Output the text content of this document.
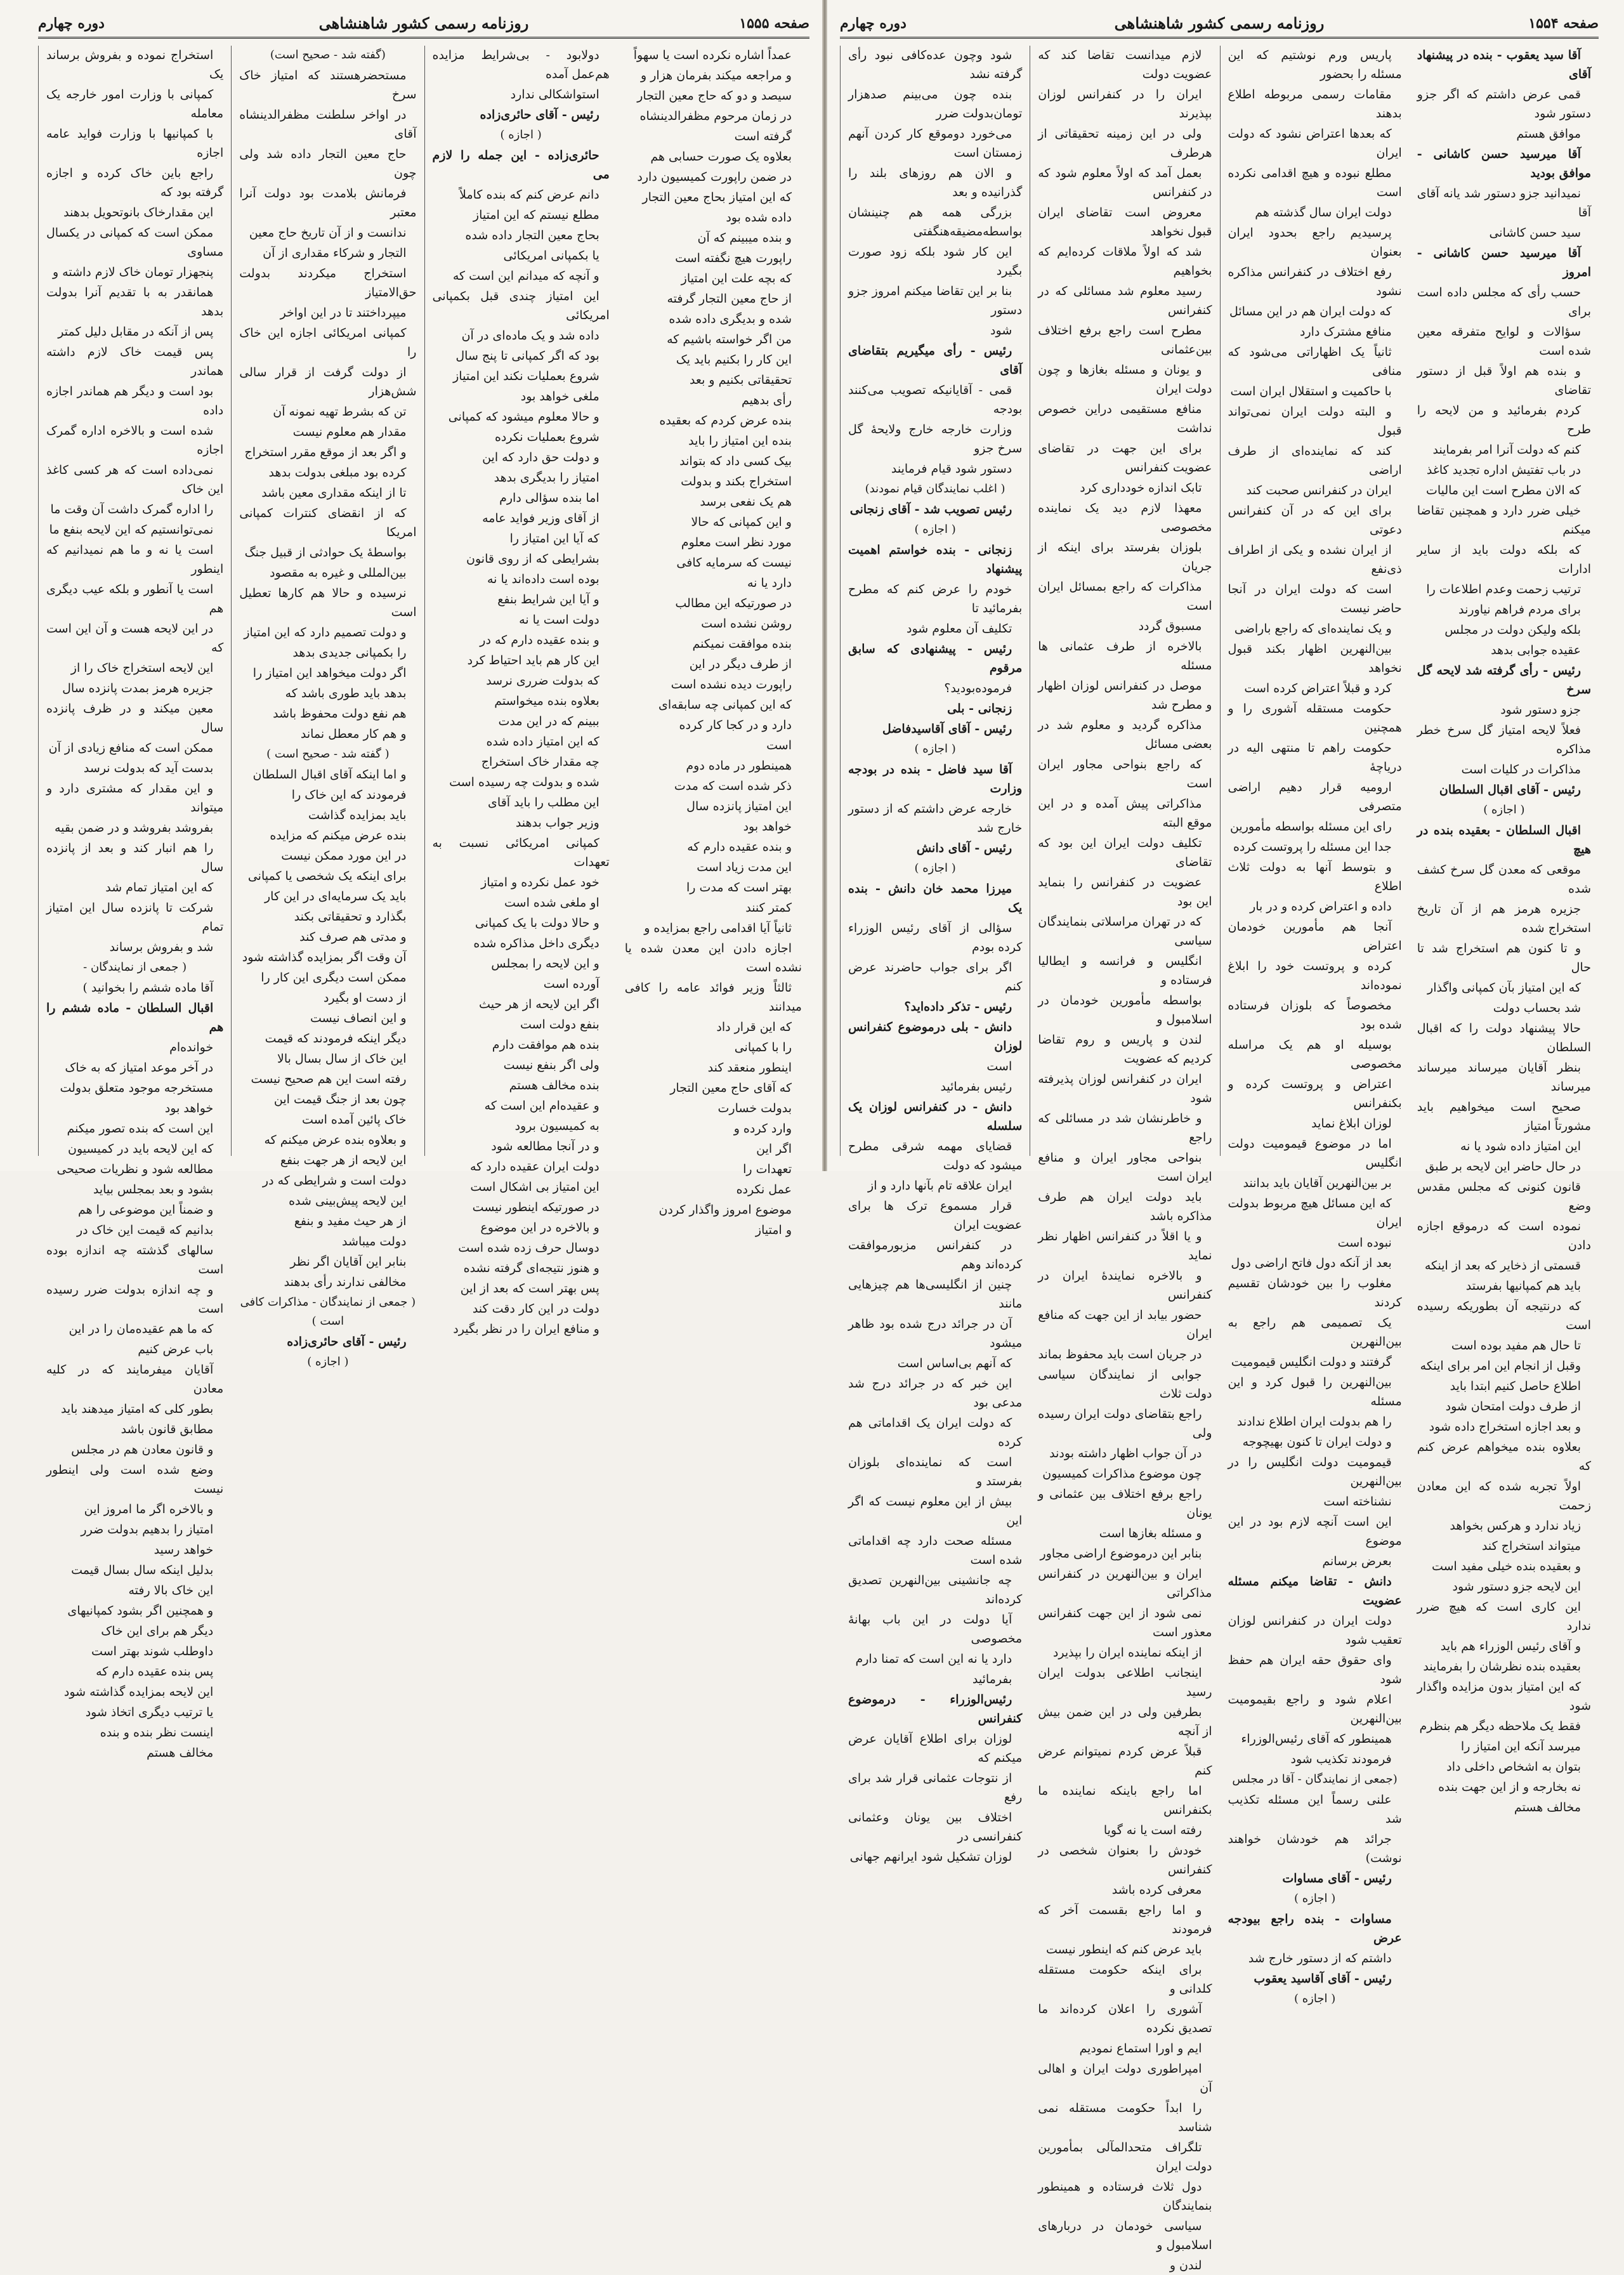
صفحه ۱۵۵۵
روزنامه رسمی کشور شاهنشاهی
دوره چهارم

استخراج نموده و بفروش برساند یک

کمپانی با وزارت امور خارجه یک معامله

با کمپانیها با وزارت فواید عامه اجازه

راجع باین خاک کرده و اجازه گرفته بود که

این مقدارخاک بانوتحویل بدهند

ممکن است که کمپانی در یکسال مساوی

پنجهزار تومان خاک لازم داشته و

همانقدر به با تقدیم آنرا بدولت بدهد

پس از آنکه در مقابل دلیل کمتر

پس قیمت خاک لازم داشته هماندر

بود است و دیگر هم هماندر اجازه داده

شده است و بالاخره اداره گمرک اجازه

نمی‌داده است که هر کسی کاغذ این خاک

را اداره گمرک داشت آن وقت ما

نمی‌توانستیم که این لایحه بنفع ما

است یا نه و ما هم نمیدانیم که اینطور

است یا آنطور و بلکه عیب دیگری هم

در این لایحه هست و آن این است که

این لایحه استخراج خاک را از

جزیره هرمز بمدت پانزده سال

معین میکند و در ظرف پانزده سال

ممکن است که منافع زیادی از آن

بدست آید که بدولت نرسد

و این مقدار که مشتری دارد و میتواند

بفروشد بفروشد و در ضمن بقیه

را هم انبار کند و بعد از پانزده سال

که این امتیاز تمام شد

شرکت تا پانزده سال این امتیاز تمام

شد و بفروش برساند

( جمعی از نمایندگان -

آقا ماده ششم را بخوانید )

اقبال السلطان - ماده ششم را هم

خوانده‌ام

در آخر موعد امتیاز که به خاک

مستخرجه موجود متعلق بدولت

خواهد بود

این است که بنده تصور میکنم

که این لایحه باید در کمیسیون

مطالعه شود و نظریات صحیحی

بشود و بعد بمجلس بیاید

و ضمناً این موضوعی را هم

بدانیم که قیمت این خاک در

سالهای گذشته چه اندازه بوده است

و چه اندازه بدولت ضرر رسیده است

که ما هم عقیده‌مان را در این

باب عرض کنیم

آقایان میفرمایند که در کلیه معادن

بطور کلی که امتیاز میدهند باید

مطابق قانون باشد

و قانون معادن هم در مجلس

وضع شده است ولی اینطور نیست

و بالاخره اگر ما امروز این

امتیاز را بدهیم بدولت ضرر

خواهد رسید

بدلیل اینکه سال بسال قیمت

این خاک بالا رفته

و همچنین اگر بشود کمپانیهای

دیگر هم برای این خاک

داوطلب شوند بهتر است

پس بنده عقیده دارم که

این لایحه بمزایده گذاشته شود

یا ترتیب دیگری اتخاذ شود

اینست نظر بنده و بنده

مخالف هستم

(گفته شد - صحیح است)

مستحضرهستند که امتیاز خاک سرخ

در اواخر سلطنت مظفرالدینشاه آقای

حاج معین التجار داده شد ولی چون

فرمانش بلامدت بود دولت آنرا معتبر

ندانست و از آن تاریخ حاج معین

التجار و شرکاء مقداری از آن

استخراج میکردند بدولت حق‌الامتیاز

میپرداختند تا در این اواخر

کمپانی امریکائی اجازه این خاک را

از دولت گرفت از قرار سالی شش‌هزار

تن که بشرط تهیه نمونه آن

مقدار هم معلوم نیست

و اگر بعد از موقع مقرر استخراج

کرده بود مبلغی بدولت بدهد

تا از اینکه مقداری معین باشد

که از انقضای کنترات کمپانی امریکا

بواسطهٔ یک حوادثی از قبیل جنگ

بین‌المللی و غیره به مقصود

نرسیده و حالا هم کارها تعطیل است

و دولت تصمیم دارد که این امتیاز

را بکمپانی جدیدی بدهد

اگر دولت میخواهد این امتیاز را

بدهد باید طوری باشد که

هم نفع دولت محفوظ باشد

و هم کار معطل نماند

( گفته شد - صحیح است )

و اما اینکه آقای اقبال السلطان

فرمودند که این خاک را

باید بمزایده گذاشت

بنده عرض میکنم که مزایده

در این مورد ممکن نیست

برای اینکه یک شخصی یا کمپانی

باید یک سرمایه‌ای در این کار

بگذارد و تحقیقاتی بکند

و مدتی هم صرف کند

آن وقت اگر بمزایده گذاشته شود

ممکن است دیگری این کار را

از دست او بگیرد

و این انصاف نیست

دیگر اینکه فرمودند که قیمت

این خاک از سال بسال بالا

رفته است این هم صحیح نیست

چون بعد از جنگ قیمت این

خاک پائین آمده است

و بعلاوه بنده عرض میکنم که

این لایحه از هر جهت بنفع

دولت است و شرایطی که در

این لایحه پیش‌بینی شده

از هر حیث مفید و بنفع

دولت میباشد

بنابر این آقایان اگر نظر

مخالفی ندارند رأی بدهند

( جمعی از نمایندگان - مذاکرات کافی است )

رئیس - آقای حائری‌زاده

( اجازه )

دولابود - بی‌شرایط مزایده هم‌عمل آمده

استواشکالی ندارد

رئیس - آقای حائری‌زاده

( اجازه )

حائری‌زاده - این جمله را لازم می

دانم عرض کنم که بنده کاملاً

مطلع نیستم که این امتیاز

بحاج معین التجار داده شده

یا بکمپانی امریکائی

و آنچه که میدانم این است که

این امتیاز چندی قبل بکمپانی امریکائی

داده شد و یک ماده‌ای در آن

بود که اگر کمپانی تا پنج سال

شروع بعملیات نکند این امتیاز

ملغی خواهد بود

و حالا معلوم میشود که کمپانی

شروع بعملیات نکرده

و دولت حق دارد که این

امتیاز را بدیگری بدهد

اما بنده سؤالی دارم

از آقای وزیر فواید عامه

که آیا این امتیاز را

بشرایطی که از روی قانون

بوده است داده‌اند یا نه

و آیا این شرایط بنفع

دولت است یا نه

و بنده عقیده دارم که در

این کار هم باید احتیاط کرد

که بدولت ضرری نرسد

بعلاوه بنده میخواستم

ببینم که در این مدت

که این امتیاز داده شده

چه مقدار خاک استخراج

شده و بدولت چه رسیده است

این مطلب را باید آقای

وزیر جواب بدهند

کمپانی امریکائی نسبت به تعهدات

خود عمل نکرده و امتیاز

او ملغی شده است

و حالا دولت با یک کمپانی

دیگری داخل مذاکره شده

و این لایحه را بمجلس

آورده است

اگر این لایحه از هر حیث

بنفع دولت است

بنده هم موافقت دارم

ولی اگر بنفع نیست

بنده مخالف هستم

و عقیده‌ام این است که

به کمیسیون برود

و در آنجا مطالعه شود

دولت ایران عقیده دارد که

این امتیاز بی اشکال است

در صورتیکه اینطور نیست

و بالاخره در این موضوع

دوسال حرف زده شده است

و هنوز نتیجه‌ای گرفته نشده

پس بهتر است که بعد از این

دولت در این کار دقت کند

و منافع ایران را در نظر بگیرد

عمداً اشاره نکرده است یا سهواً

و مراجعه میکند بفرمان هزار و

سیصد و دو که حاج معین التجار

در زمان مرحوم مظفرالدینشاه

گرفته است

بعلاوه یک صورت حسابی هم

در ضمن راپورت کمیسیون دارد

که این امتیاز بحاج معین التجار

داده شده بود

و بنده میبینم که آن

راپورت هیچ نگفته است

که بچه علت این امتیاز

از حاج معین التجار گرفته

شده و بدیگری داده شده

من اگر خواسته باشیم که

این کار را بکنیم باید یک

تحقیقاتی بکنیم و بعد

رأی بدهیم

بنده عرض کردم که بعقیده

بنده این امتیاز را باید

بیک کسی داد که بتواند

استخراج بکند و بدولت

هم یک نفعی برسد

و این کمپانی که حالا

مورد نظر است معلوم

نیست که سرمایه کافی

دارد یا نه

در صورتیکه این مطالب

روشن نشده است

بنده موافقت نمیکنم

از طرف دیگر در این

راپورت دیده نشده است

که این کمپانی چه سابقه‌ای

دارد و در کجا کار کرده

است

همینطور در ماده دوم

ذکر شده است که مدت

این امتیاز پانزده سال

خواهد بود

و بنده عقیده دارم که

این مدت زیاد است

بهتر است که مدت را

کمتر کنند

ثانیاً آیا اقدامی راجع بمزایده و

اجازه دادن این معدن شده یا نشده است

ثالثاً وزیر فوائد عامه را کافی میدانند

که این قرار داد

را با کمپانی

اینطور منعقد کند

که آقای حاج معین التجار

بدولت خسارت

وارد کرده و

اگر این

تعهدات را

عمل نکرده

موضوع امروز واگذار کردن

و امتیاز

صفحه ۱۵۵۴
روزنامه رسمی کشور شاهنشاهی
دوره چهارم

شود وچون عده‌کافی نبود رأی گرفته نشد

بنده چون می‌بینم صدهزار تومان‌بدولت ضرر

می‌خورد دوموقع کار کردن آنهم زمستان است

و الان هم روزهای بلند را گذرانیده و بعد

بزرگی همه هم چنینشان بواسطه‌مضیقه‌هنگفتی

این کار شود بلکه زود صورت بگیرد

بنا بر این تقاضا میکنم امروز جزو دستور

شود

رئیس - رأی میگیریم بتقاضای آقای

قمی - آقایانیکه تصویب می‌کنند بودجه

وزارت خارجه خارج ولایحهٔ گل سرخ جزو

دستور شود قیام فرمایند

( اغلب نمایندگان قیام نمودند)

رئیس تصویب شد - آقای زنجانی

( اجازه )

زنجانی - بنده خواستم اهمیت پیشنهاد

خودم را عرض کنم که مطرح بفرمائید تا

تکلیف آن معلوم شود

رئیس - پیشنهادی که سابق مرقوم

فرموده‌بودید؟

زنجانی - بلی

رئیس - آقای آقاسیدفاضل

( اجازه )

آقا سید فاضل - بنده در بودجه وزارت

خارجه عرض داشتم که از دستور خارج شد

رئیس - آقای دانش

( اجازه )

میرزا محمد خان دانش - بنده یک

سؤالی از آقای رئیس الوزراء کرده بودم

اگر برای جواب حاضرند عرض کنم

رئیس - تذکر داده‌اید؟

دانش - بلی درموضوع کنفرانس لوزان

است

رئیس بفرمائید

دانش - در کنفرانس لوزان یک سلسله

قضایای مهمه شرقی مطرح میشود که دولت

ایران علاقه تام بآنها دارد و از

قرار مسموع ترک ها برای عضویت ایران

در کنفرانس مزبورموافقت کرده‌اند وهم

چنین از انگلیسی‌ها هم چیزهایی مانند

آن در جرائد درج شده بود ظاهر میشود

که آنهم بی‌اساس است

این خبر که در جرائد درج شد مدعی بود

که دولت ایران یک اقداماتی هم کرده

است که نماینده‌ای بلوزان بفرستد و

بیش از این معلوم نیست که اگر این

مسئله صحت دارد چه اقداماتی شده است

چه جانشینی بین‌النهرین تصدیق کرده‌اند

آیا دولت در این باب بهانهٔ مخصوصی

دارد یا نه این است که تمنا دارم

بفرمائید

رئیس‌الوزراء - درموضوع کنفرانس

لوزان برای اطلاع آقایان عرض میکنم که

از نتوجات عثمانی قرار شد برای رفع

اختلاف بین یونان وعثمانی کنفرانسی در

لوزان تشکیل شود ایرانهم جهانی

لازم میدانست تقاضا کند که عضویت دولت

ایران را در کنفرانس لوزان بپذیرند

ولی در این زمینه تحقیقاتی از هرطرف

بعمل آمد که اولاً معلوم شود که در کنفرانس

معروض است تقاضای ایران قبول نخواهد

شد که اولاً ملاقات کرده‌ایم که بخواهیم

رسید معلوم شد مسائلی که در کنفرانس

مطرح است راجع برفع اختلاف بین‌عثمانی

و یونان و مسئله بغازها و چون دولت ایران

منافع مستقیمی دراین خصوص نداشت

برای این جهت در تقاضای عضویت کنفرانس

تابک اندازه خودداری کرد

معهذا لازم دید یک نماینده مخصوصی

بلوزان بفرستد برای اینکه از جریان

مذاکرات که راجع بمسائل ایران است

مسبوق گردد

بالاخره از طرف عثمانی ها مسئله

موصل در کنفرانس لوزان اظهار و مطرح شد

مذاکره گردید و معلوم شد در بعضی مسائل

که راجع بنواحی مجاور ایران است

مذاکراتی پیش آمده و در این موقع البته

تکلیف دولت ایران این بود که تقاضای

عضویت در کنفرانس را بنماید این بود

که در تهران مراسلاتی بنمایندگان سیاسی

انگلیس و فرانسه و ایطالیا فرستاده و

بواسطه مأمورین خودمان در اسلامبول و

لندن و پاریس و روم تقاضا کردیم که عضویت

ایران در کنفرانس لوزان پذیرفته شود

و خاطرنشان شد در مسائلی که راجع

بنواحی مجاور ایران و منافع ایران است

باید دولت ایران هم طرف مذاکره باشد

و یا اقلاً در کنفرانس اظهار نظر نماید

و بالاخره نمایندهٔ ایران در کنفرانس

حضور بیابد از این جهت که منافع ایران

در جریان است باید محفوظ بماند

جوابی از نمایندگان سیاسی دولت ثلاث

راجع بتقاضای دولت ایران رسیده ولی

در آن جواب اظهار داشته بودند

چون موضوع مذاکرات کمیسیون

راجع برفع اختلاف بین عثمانی و یونان

و مسئله بغازها است

بنابر این درموضوع اراضی مجاور

ایران و بین‌النهرین در کنفرانس مذاکراتی

نمی شود از این جهت کنفرانس معذور است

از اینکه نماینده ایران را بپذیرد

اینجانب اطلاعی بدولت ایران رسید

بطرفین ولی در این ضمن بیش از آنچه

قبلاً عرض کردم نمیتوانم عرض کنم

اما راجع باینکه نماینده ما بکنفرانس

رفته است یا نه گویا

خودش را بعنوان شخصی در کنفرانس

معرفی کرده باشد

و اما راجع بقسمت آخر که فرمودند

باید عرض کنم که اینطور نیست

برای اینکه حکومت مستقله کلدانی و

آشوری را اعلان کرده‌اند ما تصدیق نکرده

ایم و اورا استماع نمودیم

امپراطوری دولت ایران و اهالی آن

را ابداً حکومت مستقله نمی شناسد

تلگراف متحدالمآلی بمأمورین دولت ایران

دول ثلاث فرستاده و همینطور بنمایندگان

سیاسی خودمان در دربارهای اسلامبول و

لندن و

پاریس ورم نوشتیم که این مسئله را بحضور

مقامات رسمی مربوطه اطلاع بدهند

که بعدها اعتراض نشود که دولت ایران

مطلع نبوده و هیچ اقدامی نکرده است

دولت ایران سال گذشته هم

پرسیدیم راجع بحدود ایران بعنوان

رفع اختلاف در کنفرانس مذاکره نشود

که دولت ایران هم در این مسائل

منافع مشترک دارد

ثانیاً یک اظهاراتی می‌شود که منافی

با حاکمیت و استقلال ایران است

و البته دولت ایران نمی‌تواند قبول

کند که نماینده‌ای از طرف اراضی

ایران در کنفرانس صحبت کند

برای این که در آن کنفرانس دعوتی

از ایران نشده و یکی از اطراف ذی‌نفع

است که دولت ایران در آنجا حاضر نیست

و یک نماینده‌ای که راجع باراضی

بین‌النهرین اظهار بکند قبول نخواهد

کرد و قبلاً اعتراض کرده است

حکومت مستقله آشوری را و همچنین

حکومت راهم تا منتهی الیه در دریاچهٔ

ارومیه قرار دهیم اراضی متصرفی

رای این مسئله بواسطه مأمورین

جدا این مسئله را پروتست کرده

و بتوسط آنها به دولت ثلاث اطلاع

داده و اعتراض کرده و در بار

آنجا هم مأمورین خودمان اعتراض

کرده و پروتست خود را ابلاغ نموده‌اند

مخصوصاً که بلوزان فرستاده شده بود

بوسیله او هم یک مراسله مخصوصی

اعتراض و پروتست کرده و بکنفرانس

لوزان ابلاغ نماید

اما در موضوع قیمومیت دولت انگلیس

بر بین‌النهرین آقایان باید بدانند

که این مسائل هیچ مربوط بدولت ایران

نبوده است

بعد از آنکه دول فاتح اراضی دول

مغلوب را بین خودشان تقسیم کردند

یک تصمیمی هم راجع به بین‌النهرین

گرفتند و دولت انگلیس قیمومیت

بین‌النهرین را قبول کرد و این مسئله

را هم بدولت ایران اطلاع ندادند

و دولت ایران تا کنون بهیچوجه

قیمومیت دولت انگلیس را در بین‌النهرین

نشناخته است

این است آنچه لازم بود در این موضوع

بعرض برسانم

دانش - تقاضا میکنم مسئله عضویت

دولت ایران در کنفرانس لوزان تعقیب شود

وای حقوق حقه ایران هم حفظ شود

اعلام شود و راجع بقیمومیت بین‌النهرین

همینطور که آقای رئیس‌الوزراء

فرمودند تکذیب شود

(جمعی از نمایندگان - آقا در مجلس

علنی رسماً این مسئله تکذیب شد

جرائد هم خودشان خواهند نوشت)

رئیس - آقای مساوات

( اجازه )

مساوات - بنده راجع بیودجه عرض

داشتم که از دستور خارج شد

رئیس - آقای آقاسید یعقوب

( اجازه )

آقا سید یعقوب - بنده در پیشنهاد آقای

قمی عرض داشتم که اگر جزو دستور شود

موافق هستم

آقا میرسید حسن کاشانی - موافق بودید

نمیدانید جزو دستور شد یانه آقای آقا

سید حسن کاشانی

آقا میرسید حسن کاشانی - امروز

حسب رأی که مجلس داده است برای

سؤالات و لوایح متفرقه معین شده است

و بنده هم اولاً قبل از دستور تقاضای

کردم بفرمائید و من لایحه را طرح

کنم که دولت آنرا امر بفرمایند

در باب تفتیش اداره تجدید کاغذ

که الان مطرح است این مالیات

خیلی ضرر دارد و همچنین تقاضا میکنم

که بلکه دولت باید از سایر ادارات

ترتیب زحمت وعدم اطلاعات را

برای مردم فراهم نیاورند

بلکه ولیکن دولت در مجلس

عقیده جوابی بدهد

رئیس - رأی گرفته شد لایحه گل سرخ

جزو دستور شود

فعلاً لایحه امتیاز گل سرخ خطر مذاکره

مذاکرات در کلیات است

رئیس - آقای اقبال السلطان

( اجازه )

اقبال السلطان - بعقیده بنده در هیچ

موقعی که معدن گل سرخ کشف شده

جزیره هرمز هم از آن تاریخ استخراج شده

و تا کنون هم استخراج شد تا حال

که این امتیاز بآن کمپانی واگذار

شد بحساب دولت

حالا پیشنهاد دولت را که اقبال السلطان

بنظر آقایان میرساند میرساند میرساند

صحیح است میخواهیم باید مشورتاً امتیاز

این امتیاز داده شود یا نه

در حال حاضر این لایحه بر طبق

قانون کنونی که مجلس مقدس وضع

نموده است که درموقع اجازه دادن

قسمتی از ذخایر که بعد از اینکه

باید هم کمپانیها بفرستد

که درنتیجه آن بطوریکه رسیده است

تا حال هم مفید بوده است

وقبل از انجام این امر برای اینکه

اطلاع حاصل کنیم ابتدا باید

از طرف دولت امتحان شود

و بعد اجازه استخراج داده شود

بعلاوه بنده میخواهم عرض کنم که

اولاً تجربه شده که این معادن زحمت

زیاد ندارد و هرکس بخواهد

میتواند استخراج کند

و بعقیده بنده خیلی مفید است

این لایحه جزو دستور شود

این کاری است که هیچ ضرر ندارد

و آقای رئیس الوزراء هم باید

بعقیده بنده نظرشان را بفرمایند

که این امتیاز بدون مزایده واگذار شود

فقط یک ملاحظه دیگر هم بنظرم

میرسد آنکه این امتیاز را

بتوان به اشخاص داخلی داد

نه بخارجه و از این جهت بنده

مخالف هستم
